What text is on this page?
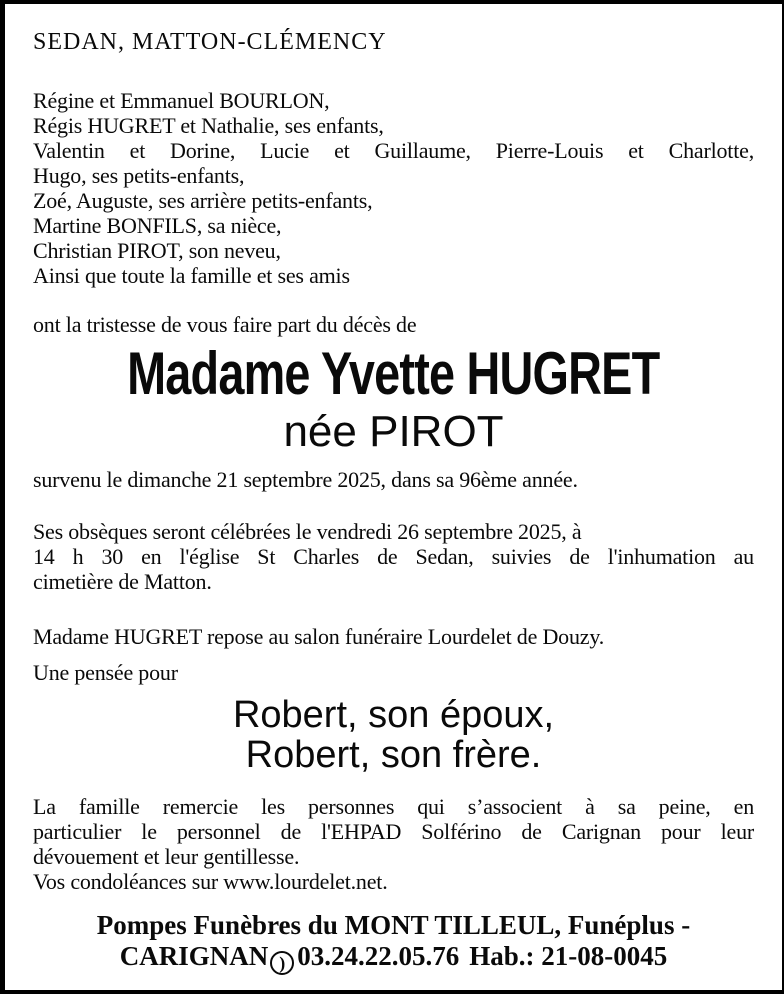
SEDAN, MATTON-CLÉMENCY
Régine et Emmanuel BOURLON,
Régis HUGRET et Nathalie, ses enfants,
Valentin et Dorine, Lucie et Guillaume, Pierre-Louis et Charlotte,
Hugo, ses petits-enfants,
Zoé, Auguste, ses arrière petits-enfants,
Martine BONFILS, sa nièce,
Christian PIROT, son neveu,
Ainsi que toute la famille et ses amis
ont la tristesse de vous faire part du décès de
Madame Yvette HUGRET
née PIROT
survenu le dimanche 21 septembre 2025, dans sa 96ème année.
Ses obsèques seront célébrées le vendredi 26 septembre 2025, à
14 h 30 en l'église St Charles de Sedan, suivies de l'inhumation au
cimetière de Matton.
Madame HUGRET repose au salon funéraire Lourdelet de Douzy.
Une pensée pour
Robert, son époux,
Robert, son frère.
La famille remercie les personnes qui s’associent à sa peine, en
particulier le personnel de l'EHPAD Solférino de Carignan pour leur
dévouement et leur gentillesse.
Vos condoléances sur www.lourdelet.net.
Pompes Funèbres du MONT TILLEUL, Funéplus -
CARIGNAN ) 03.24.22.05.76 Hab.: 21-08-0045
